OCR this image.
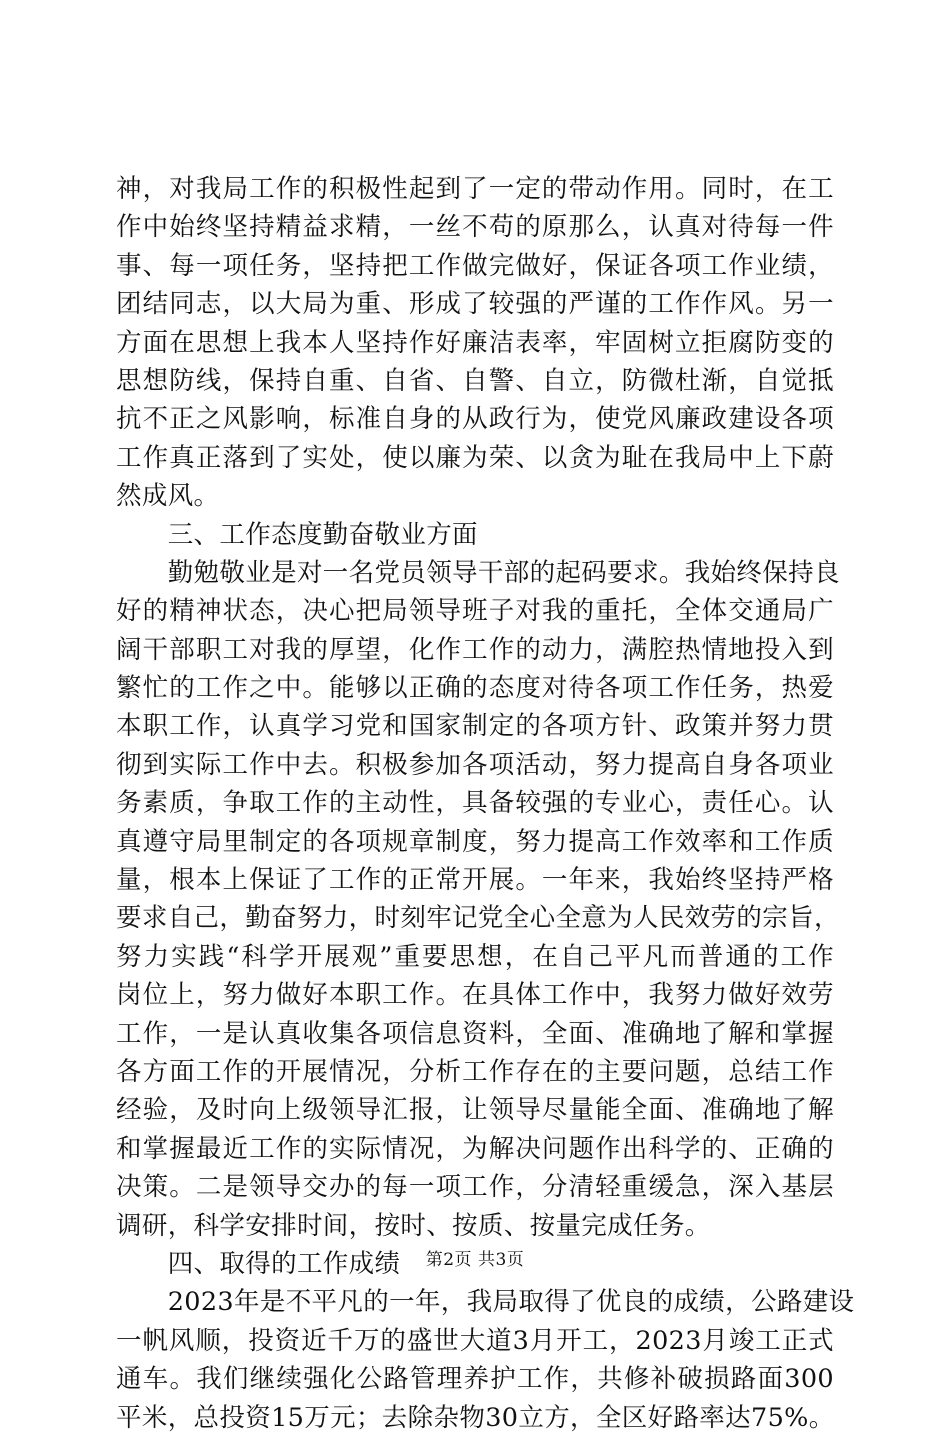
神，对我局工作的积极性起到了一定的带动作用。同时，在工
作中始终坚持精益求精，一丝不苟的原那么，认真对待每一件
事、每一项任务，坚持把工作做完做好，保证各项工作业绩，
团结同志，以大局为重、形成了较强的严谨的工作作风。另一
方面在思想上我本人坚持作好廉洁表率，牢固树立拒腐防变的
思想防线，保持自重、自省、自警、自立，防微杜渐，自觉抵
抗不正之风影响，标准自身的从政行为，使党风廉政建设各项
工作真正落到了实处，使以廉为荣、以贪为耻在我局中上下蔚
然成风。
　　三、工作态度勤奋敬业方面
　　勤勉敬业是对一名党员领导干部的起码要求。我始终保持良
好的精神状态，决心把局领导班子对我的重托，全体交通局广
阔干部职工对我的厚望，化作工作的动力，满腔热情地投入到
繁忙的工作之中。能够以正确的态度对待各项工作任务，热爱
本职工作，认真学习党和国家制定的各项方针、政策并努力贯
彻到实际工作中去。积极参加各项活动，努力提高自身各项业
务素质，争取工作的主动性，具备较强的专业心，责任心。认
真遵守局里制定的各项规章制度，努力提高工作效率和工作质
量，根本上保证了工作的正常开展。一年来，我始终坚持严格
要求自己，勤奋努力，时刻牢记党全心全意为人民效劳的宗旨，
努力实践“科学开展观”重要思想，在自己平凡而普通的工作
岗位上，努力做好本职工作。在具体工作中，我努力做好效劳
工作，一是认真收集各项信息资料，全面、准确地了解和掌握
各方面工作的开展情况，分析工作存在的主要问题，总结工作
经验，及时向上级领导汇报，让领导尽量能全面、准确地了解
和掌握最近工作的实际情况，为解决问题作出科学的、正确的
决策。二是领导交办的每一项工作，分清轻重缓急，深入基层
调研，科学安排时间，按时、按质、按量完成任务。
　　四、取得的工作成绩
　　2023年是不平凡的一年，我局取得了优良的成绩，公路建设
一帆风顺，投资近千万的盛世大道3月开工，2023月竣工正式
通车。我们继续强化公路管理养护工作，共修补破损路面300
平米，总投资15万元；去除杂物30立方，全区好路率达75%。
第2页 共3页
